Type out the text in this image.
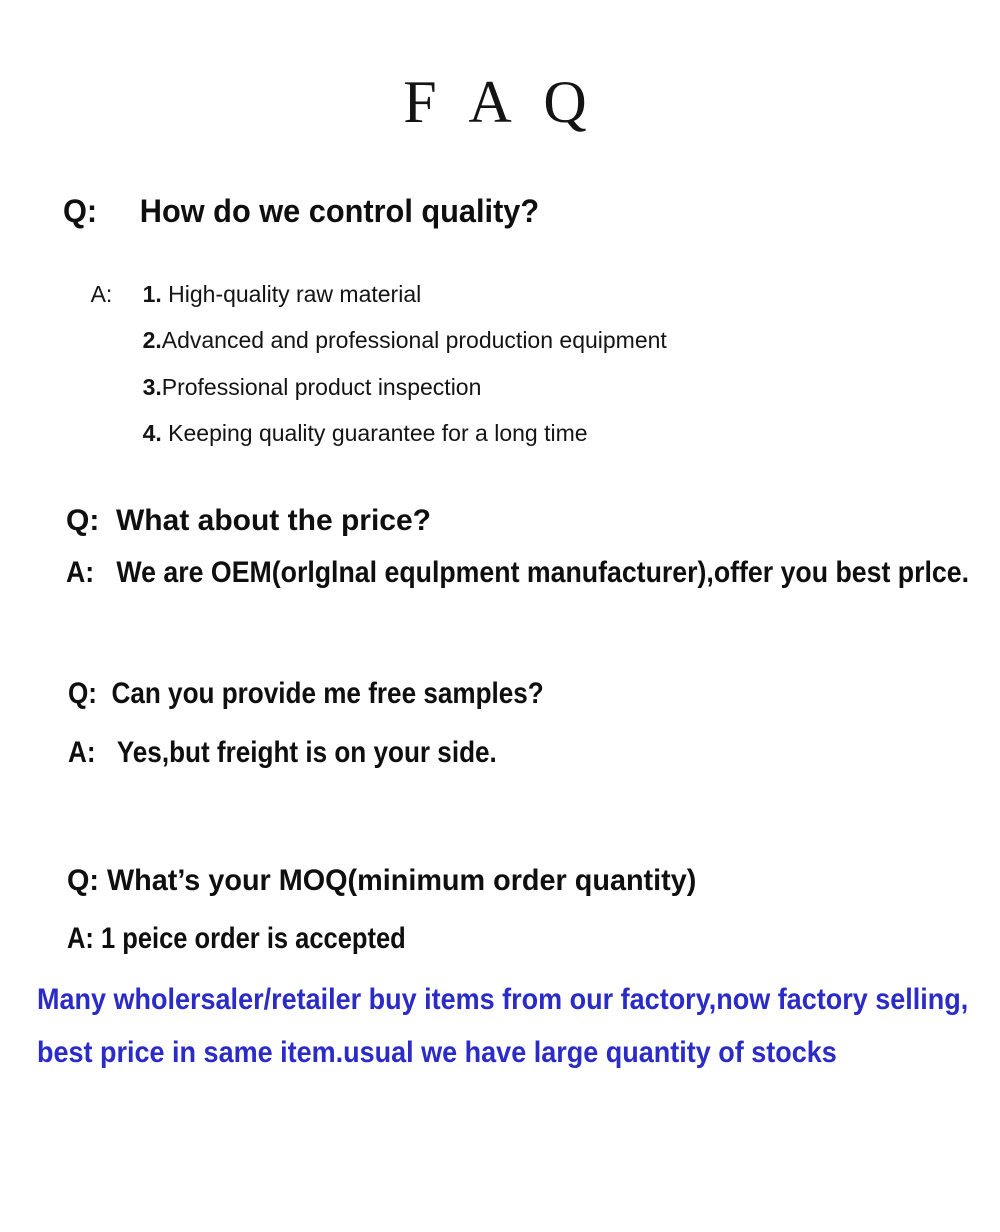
F A Q
Q:     How do we control quality?

A: 1. High-quality raw material

2.Advanced and professional production equipment

3.Professional product inspection

4. Keeping quality guarantee for a long time

Q:  What about the price?
A:   We are OEM(orlglnal equlpment manufacturer),offer you best prlce.
Q:  Can you provide me free samples?
A:   Yes,but freight is on your side.
Q: What’s your MOQ(minimum order quantity)
A: 1 peice order is accepted
Many wholersaler/retailer buy items from our factory,now factory selling,
best price in same item.usual we have large quantity of stocks
